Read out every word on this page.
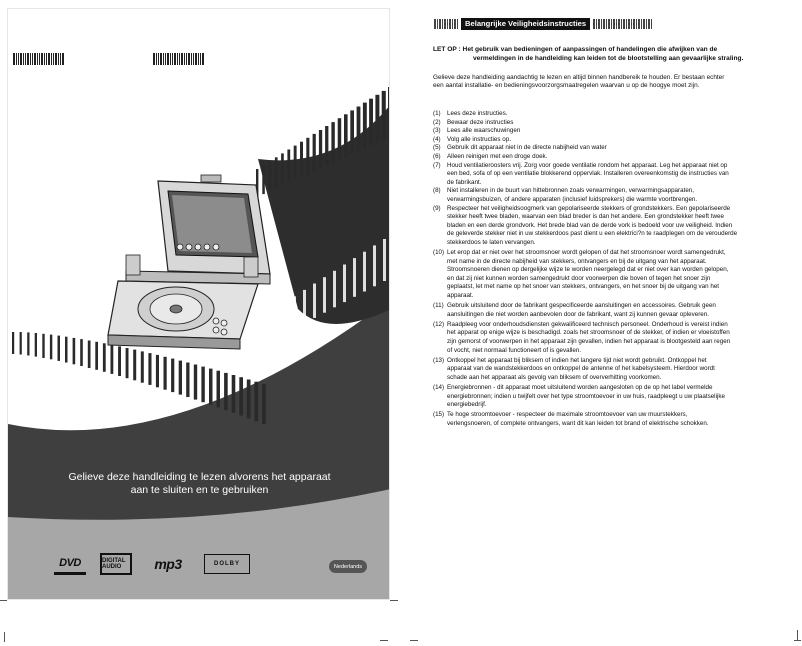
Gelieve deze handleiding te lezen alvorens het apparaat
aan te sluiten en te gebruiken
DVD	DIGITAL AUDIO	mp3	DOLBY	Nederlands
Belangrijke Veiligheidsinstructies
LET OP : Het gebruik van bedieningen of aanpassingen of handelingen die afwijken van de
vermeldingen in de handleiding kan leiden tot de blootstelling aan gevaarlijke straling.
Gelieve deze handleiding aandachtig te lezen en altijd binnen handbereik te houden. Er bestaan echter
een aantal installatie- en bedieningsvoorzorgsmaatregelen waarvan u op de hoogye moet zijn.
(1)	Lees deze instructies.
(2)	Bewaar deze instructies
(3)	Lees alle waarschuwingen
(4)	Volg alle instructies op.
(5)	Gebruik dit apparaat niet in de directe nabijheid van water
(6)	Alleen reinigen met een droge doek.
(7)	Houd ventilatieroosters vrij. Zorg voor goede ventilatie rondom het apparaat. Leg het apparaat niet op
een bed, sofa of op een ventilatie blokkerend oppervlak. Installeren overeenkomstig de instructies van
de fabrikant.
(8)	Niet installeren in de buurt van hittebronnen zoals verwarmingen, verwarmingsapparaten,
verwarmingsbuizen, of andere apparaten (inclusief luidsprekers) die warmte voortbrengen.
(9)	Respecteer het veiligheidsoogmerk van gepolariseerde stekkers of grondstekkers. Een gepolariseerde
stekker heeft twee bladen, waarvan een blad breder is dan het andere. Een grondstekker heeft twee
bladen en een derde grondvork. Het brede blad van de derde vork is bedoeld voor uw veiligheid. Indien
de geleverde stekker niet in uw stekkerdoos past dient u een elektrici?n te raadplegen om de verouderde
stekkerdoos te laten vervangen.
(10) Let erop dat er niet over het stroomsnoer wordt gelopen of dat het stroomsnoer wordt samengedrukt,
met name in de directe nabijheid van stekkers, ontvangers en bij de uitgang van het apparaat.
Stroomsnoeren dienen op dergelijke wijze te worden neergelegd dat er niet over kan worden gelopen,
en dat zij niet kunnen worden samengedrukt door voorwerpen die boven of tegen het snoer zijn
geplaatst, let met name op het snoer van stekkers, ontvangers, en het snoer bij de uitgang van het
apparaat.
(11) Gebruik uitsluitend door de fabrikant gespecificeerde aansluitingen en accessoires. Gebruik geen
aansluitingen die niet worden aanbevolen door de fabrikant, want zij kunnen gevaar opleveren.
(12) Raadpleeg voor onderhoudsdiensten gekwalificeerd technisch personeel. Onderhoud is vereist indien
het apparat op enige wijze is beschadigd. zoals het stroomsnoer of de stekker, of indien er vloeistoffen
zijn gemorst of voorwerpen in het apparaat zijn gevallen, indien het apparaat is blootgesteld aan regen
of vocht, niet normaal functioneert of is gevallen.
(13) Ontkoppel het apparaat bij bliksem of indien het langere tijd niet wordt gebruikt. Ontkoppel het
apparaat van de wandstekkerdoos en ontkoppel de antenne of het kabelsysteem. Hierdoor wordt
schade aan het apparaat als gevolg van bliksem of oververhitting voorkomen.
(14) Energiebronnen - dit apparaat moet uitsluitend worden aangesloten op de op het label vermelde
energiebronnen; indien u twijfelt over het type stroomtoevoer in uw huis, raadpleegt u uw plaatselijke
energiebedrijf.
(15) Te hoge stroomtoevoer - respecteer de maximale stroomtoevoer van uw muurstekkers,
verlengsnoeren, of complete ontvangers, want dit kan leiden tot brand of elektrische schokken.
